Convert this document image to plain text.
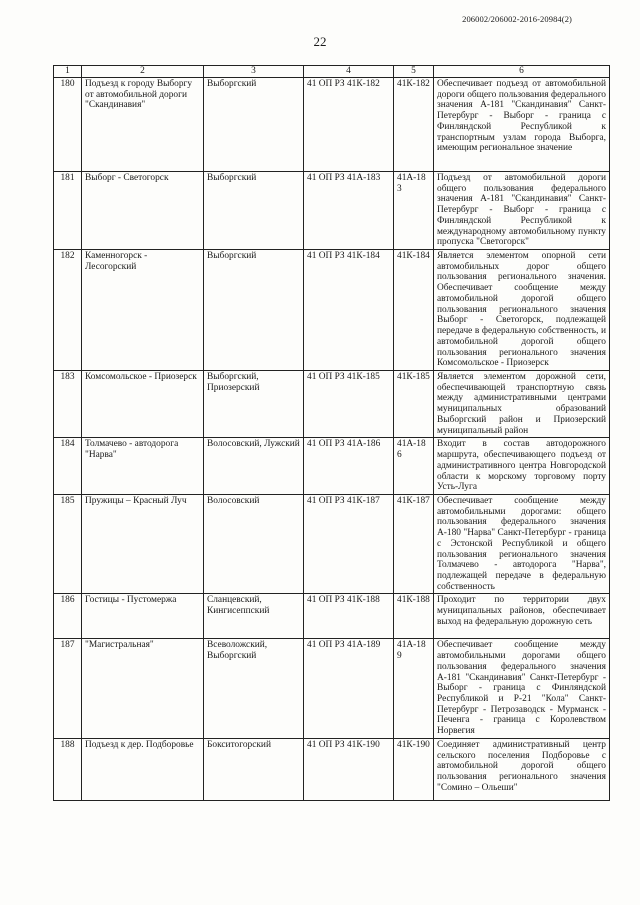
206002/206002-2016-20984(2)
22
1	2	3	4	5	6
180	Подъезд к городу Выборгу от автомобильной дороги "Скандинавия"	Выборгский	41 ОП РЗ 41К-182	41К-182	Обеспечивает подъезд от автомобильной дороги общего пользования федерального значения А-181 "Скандинавия" Санкт-Петербург - Выборг - граница с Финляндской Республикой к транспортным узлам города Выборга, имеющим региональное значение
181	Выборг - Светогорск	Выборгский	41 ОП РЗ 41А-183	41А-183	Подъезд от автомобильной дороги общего пользования федерального значения А-181 "Скандинавия" Санкт-Петербург - Выборг - граница с Финляндской Республикой к международному автомобильному пункту пропуска "Светогорск"
182	Каменногорск - Лесогорский	Выборгский	41 ОП РЗ 41К-184	41К-184	Является элементом опорной сети автомобильных дорог общего пользования регионального значения. Обеспечивает сообщение между автомобильной дорогой общего пользования регионального значения Выборг - Светогорск, подлежащей передаче в федеральную собственность, и автомобильной дорогой общего пользования регионального значения Комсомольское - Приозерск
183	Комсомольское - Приозерск	Выборгский, Приозерский	41 ОП РЗ 41К-185	41К-185	Является элементом дорожной сети, обеспечивающей транспортную связь между административными центрами муниципальных образований Выборгский район и Приозерский муниципальный район
184	Толмачево - автодорога "Нарва"	Волосовский, Лужский	41 ОП РЗ 41А-186	41А-186	Входит в состав автодорожного маршрута, обеспечивающего подъезд от административного центра Новгородской области к морскому торговому порту Усть-Луга
185	Пружицы – Красный Луч	Волосовский	41 ОП РЗ 41К-187	41К-187	Обеспечивает сообщение между автомобильными дорогами: общего пользования федерального значения А-180 "Нарва" Санкт-Петербург - граница с Эстонской Республикой и общего пользования регионального значения Толмачево - автодорога "Нарва", подлежащей передаче в федеральную собственность
186	Гостицы - Пустомержа	Сланцевский, Кингисеппский	41 ОП РЗ 41К-188	41К-188	Проходит по территории двух муниципальных районов, обеспечивает выход на федеральную дорожную сеть
187	"Магистральная"	Всеволожский, Выборгский	41 ОП РЗ 41А-189	41А-189	Обеспечивает сообщение между автомобильными дорогами общего пользования федерального значения А-181 "Скандинавия" Санкт-Петербург - Выборг - граница с Финляндской Республикой и Р-21 "Кола" Санкт-Петербург - Петрозаводск - Мурманск - Печенга - граница с Королевством Норвегия
188	Подъезд к дер. Подборовье	Бокситогорский	41 ОП РЗ 41К-190	41К-190	Соединяет административный центр сельского поселения Подборовье с автомобильной дорогой общего пользования регионального значения "Сомино – Ольеши"
